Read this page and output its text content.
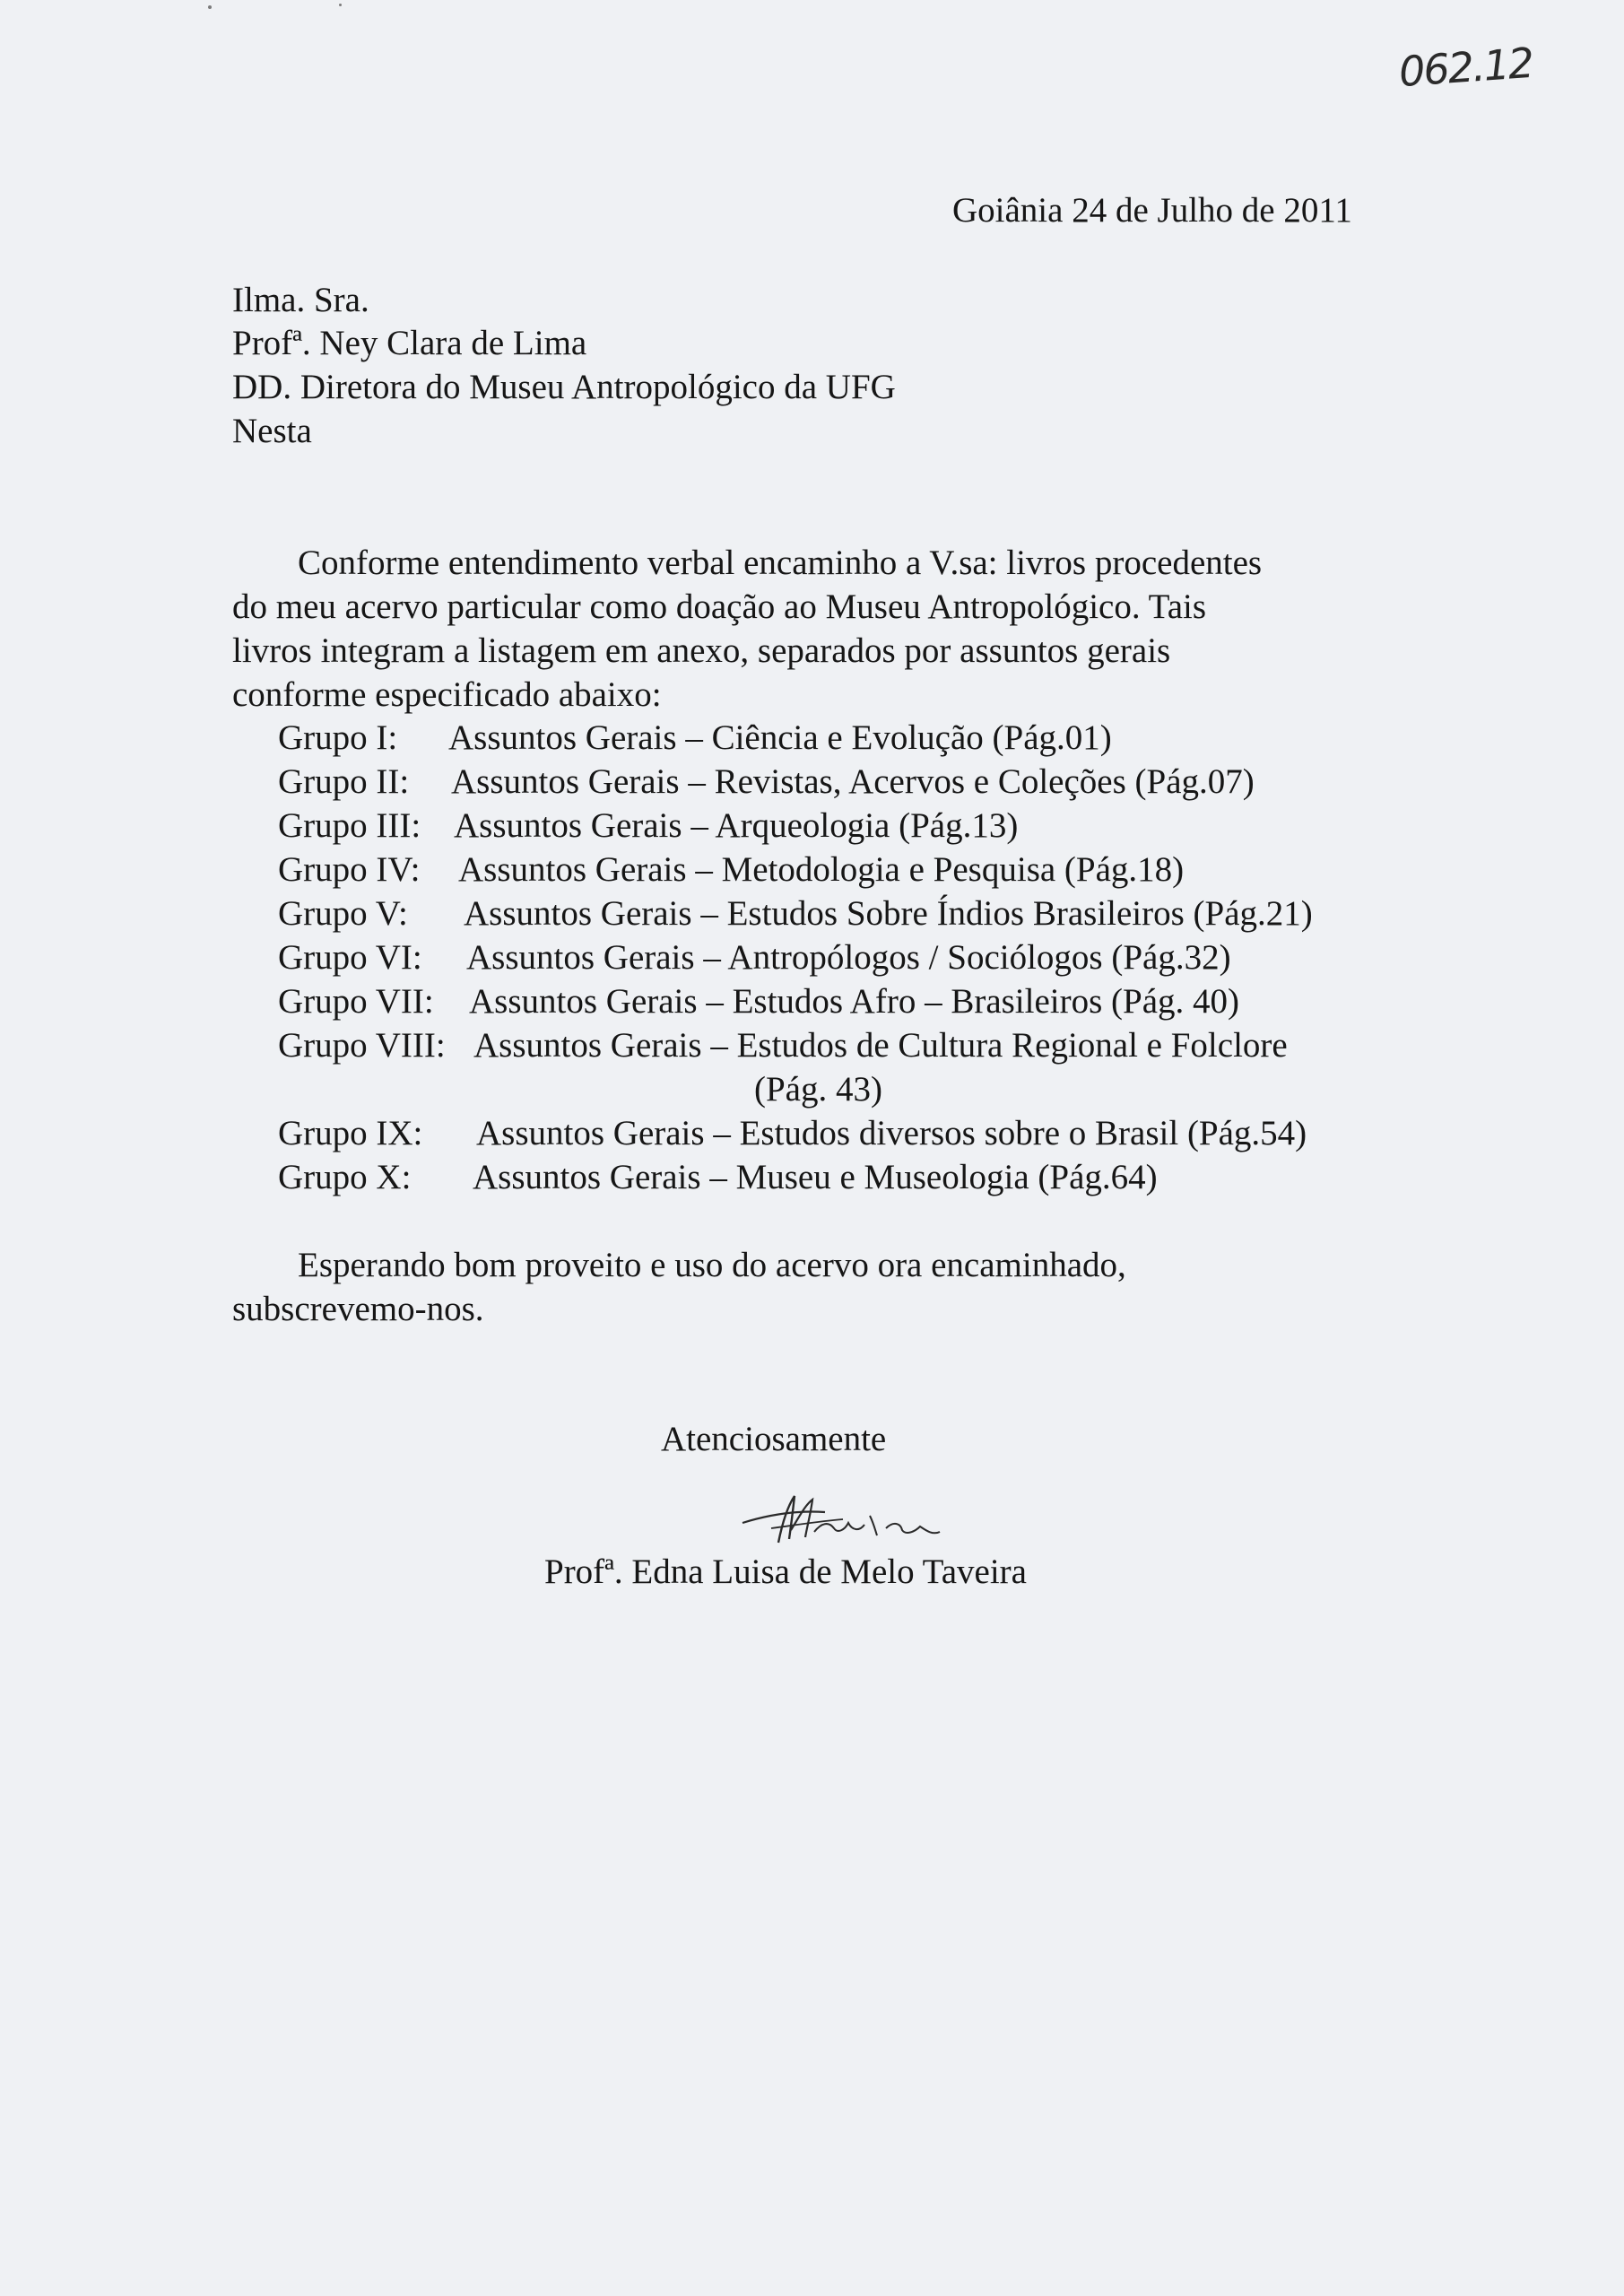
062.12
Goiânia 24 de Julho de 2011
Ilma. Sra.
Profª. Ney Clara de Lima
DD. Diretora do Museu Antropológico da UFG
Nesta
Conforme entendimento verbal encaminho a V.sa: livros procedentes
do meu acervo particular como doação ao Museu Antropológico. Tais
livros integram a listagem em anexo, separados por assuntos gerais
conforme especificado abaixo:
Grupo I: Assuntos Gerais – Ciência e Evolução (Pág.01)
Grupo II: Assuntos Gerais – Revistas, Acervos e Coleções (Pág.07)
Grupo III: Assuntos Gerais – Arqueologia (Pág.13)
Grupo IV: Assuntos Gerais – Metodologia e Pesquisa (Pág.18)
Grupo V: Assuntos Gerais – Estudos Sobre Índios Brasileiros (Pág.21)
Grupo VI: Assuntos Gerais – Antropólogos / Sociólogos (Pág.32)
Grupo VII: Assuntos Gerais – Estudos Afro – Brasileiros (Pág. 40)
Grupo VIII: Assuntos Gerais – Estudos de Cultura Regional e Folclore
(Pág. 43)
Grupo IX: Assuntos Gerais – Estudos diversos sobre o Brasil (Pág.54)
Grupo X: Assuntos Gerais – Museu e Museologia (Pág.64)
Esperando bom proveito e uso do acervo ora encaminhado,
subscrevemo-nos.
Atenciosamente
Profª. Edna Luisa de Melo Taveira
